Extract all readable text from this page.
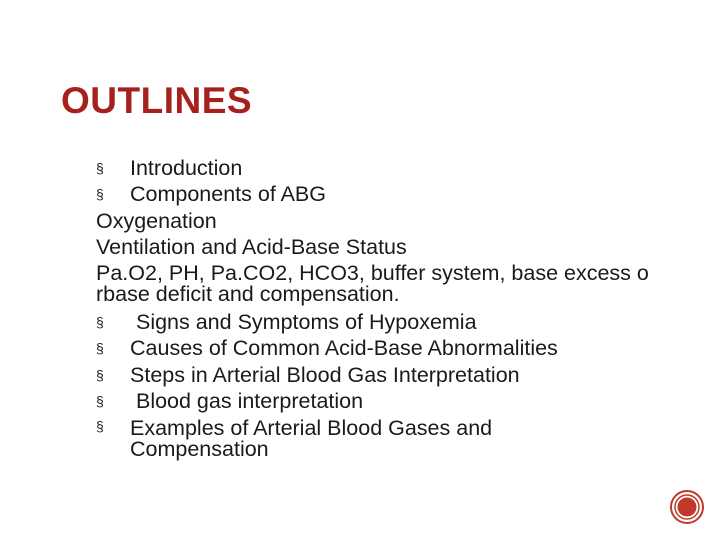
OUTLINES
§ Introduction
§ Components of ABG
Oxygenation
Ventilation and Acid-Base Status
Pa.O2, PH, Pa.CO2, HCO3, buffer system, base excess o rbase deficit and compensation.
§ Signs and Symptoms of Hypoxemia
§ Causes of Common Acid-Base Abnormalities
§ Steps in Arterial Blood Gas Interpretation
§ Blood gas interpretation
§ Examples of Arterial Blood Gases and Compensation
